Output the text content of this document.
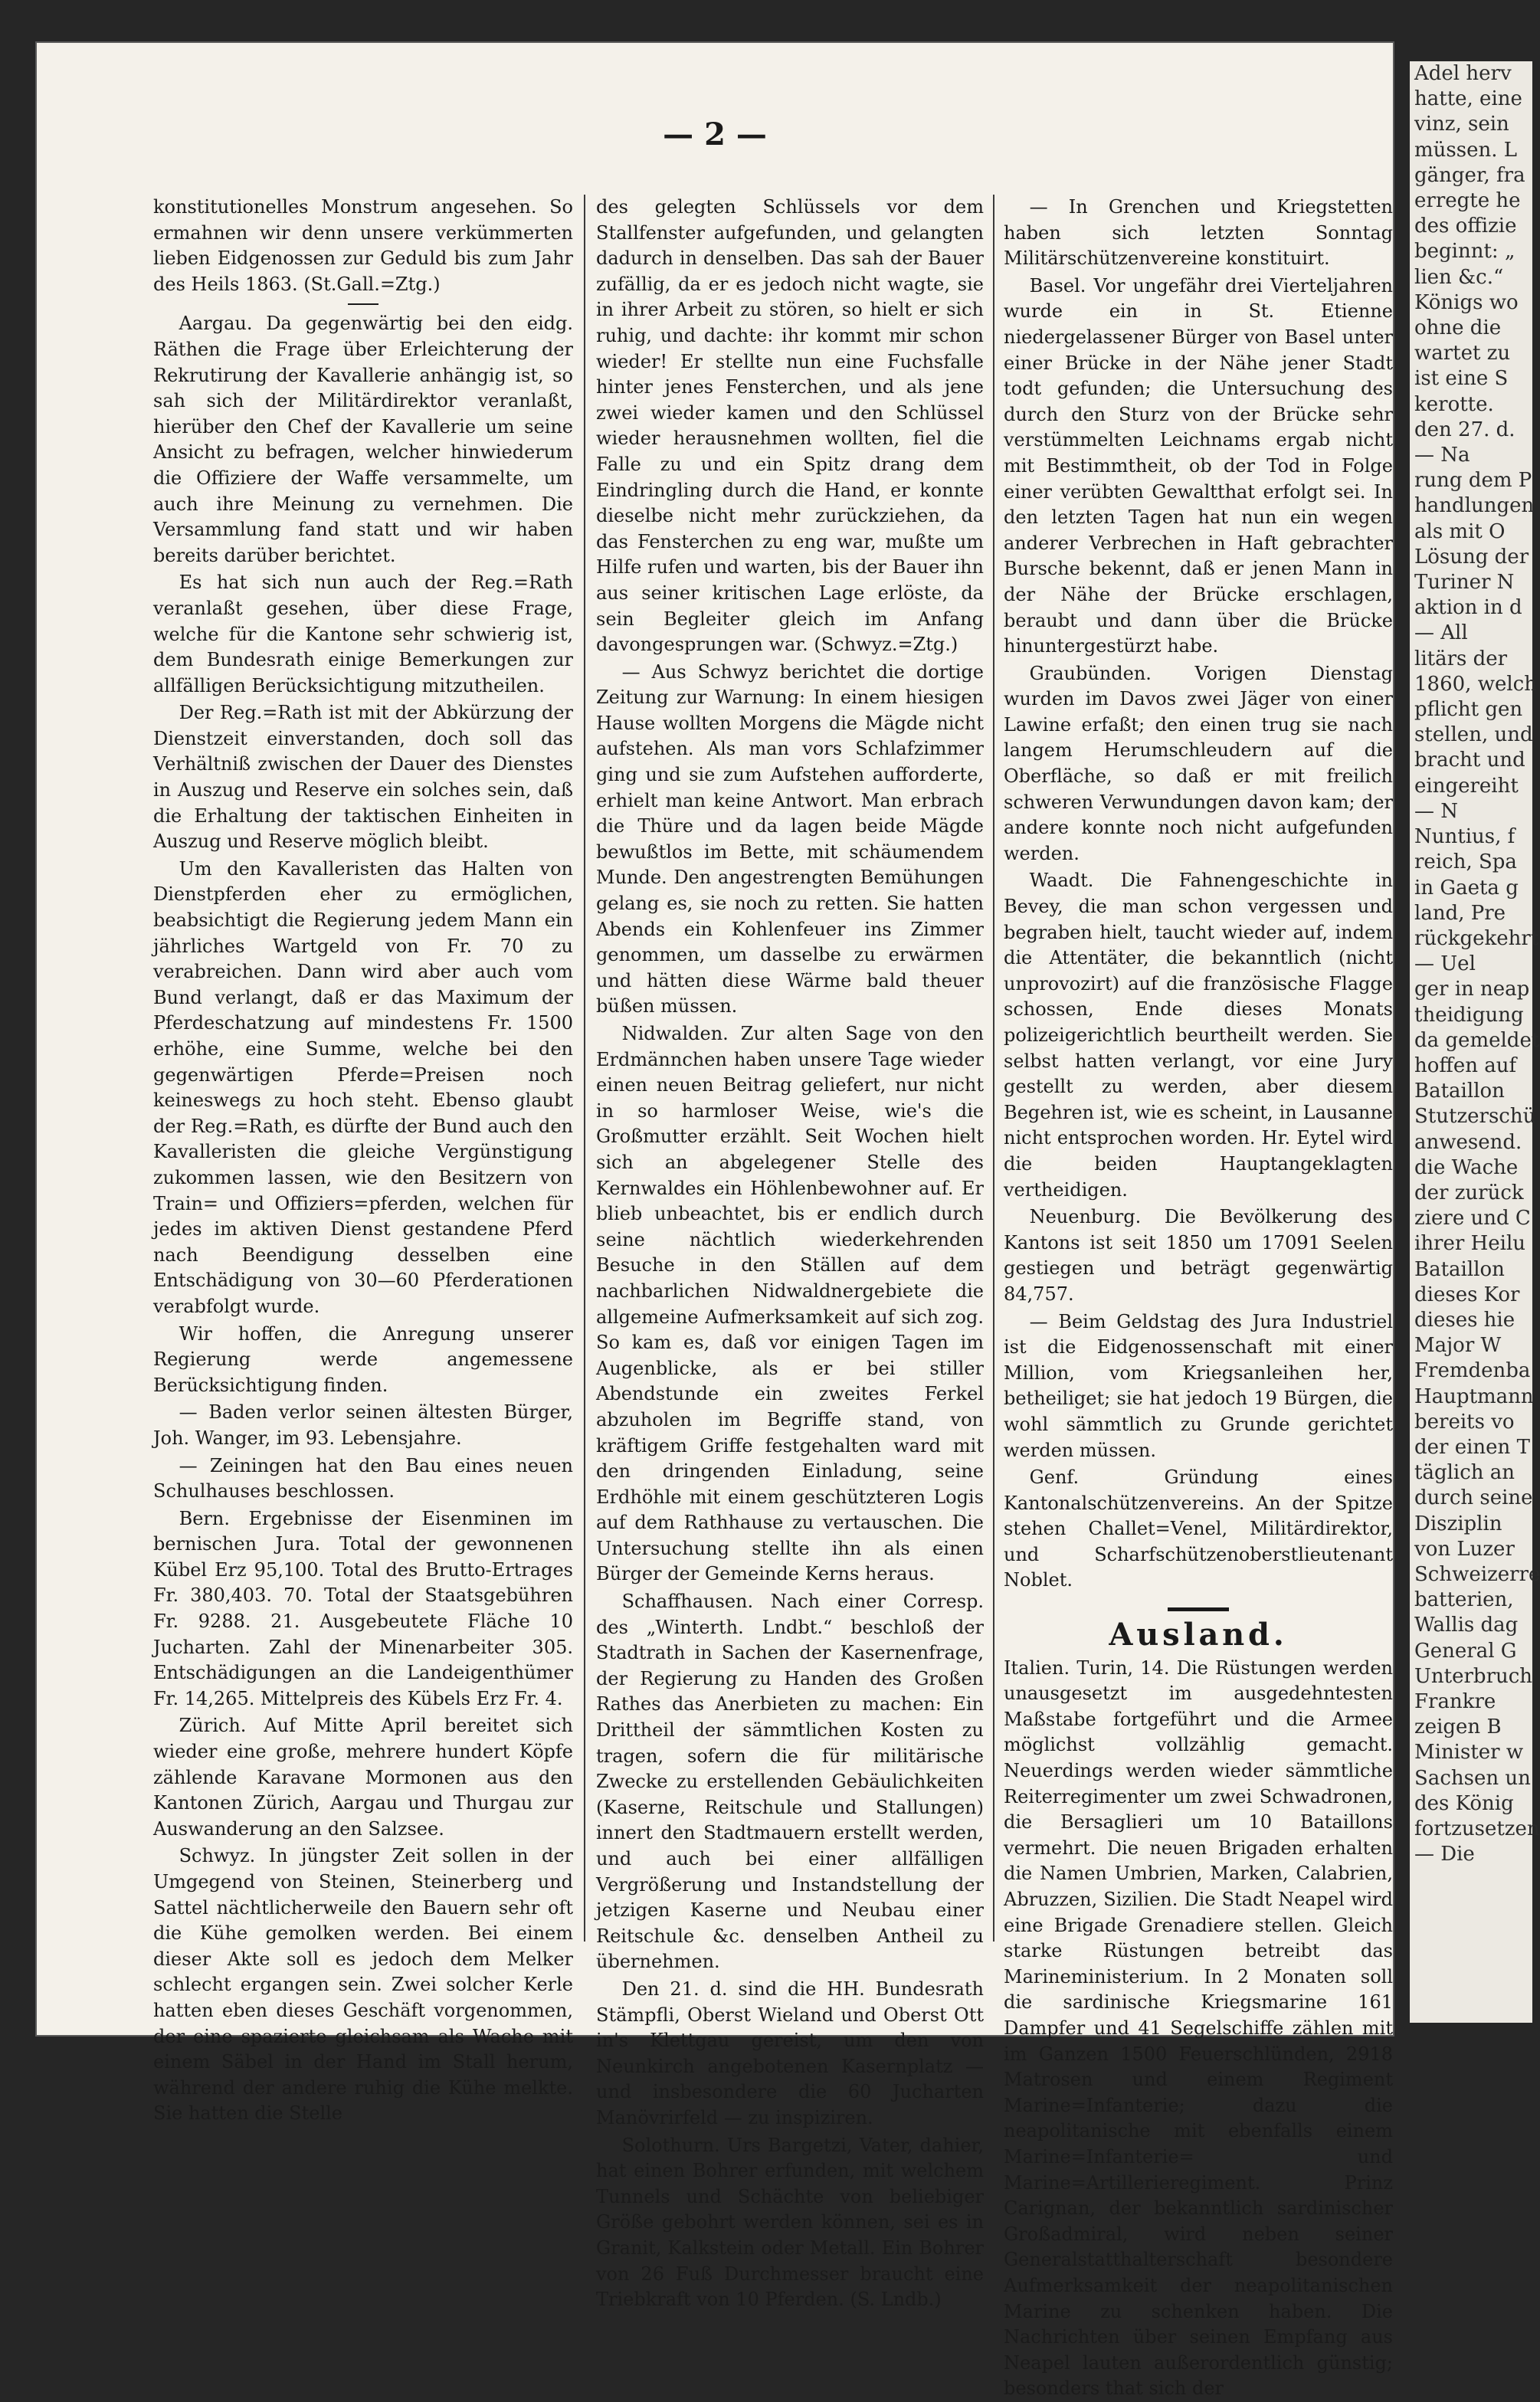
— 2 —

konstitutionelles Monstrum angesehen. So ermahnen wir denn unsere verkümmerten lieben Eidgenossen zur Geduld bis zum Jahr des Heils 1863. (St.Gall.=Ztg.)

Aargau. Da gegenwärtig bei den eidg. Räthen die Frage über Erleichterung der Rekrutirung der Kavallerie anhängig ist, so sah sich der Militärdirektor veranlaßt, hierüber den Chef der Kavallerie um seine Ansicht zu befragen, welcher hinwiederum die Offiziere der Waffe versammelte, um auch ihre Meinung zu vernehmen. Die Versammlung fand statt und wir haben bereits darüber berichtet.

Es hat sich nun auch der Reg.=Rath veranlaßt gesehen, über diese Frage, welche für die Kantone sehr schwierig ist, dem Bundesrath einige Bemerkungen zur allfälligen Berücksichtigung mitzutheilen.

Der Reg.=Rath ist mit der Abkürzung der Dienstzeit einverstanden, doch soll das Verhältniß zwischen der Dauer des Dienstes in Auszug und Reserve ein solches sein, daß die Erhaltung der taktischen Einheiten in Auszug und Reserve möglich bleibt.

Um den Kavalleristen das Halten von Dienstpferden eher zu ermöglichen, beabsichtigt die Regierung jedem Mann ein jährliches Wartgeld von Fr. 70 zu verabreichen. Dann wird aber auch vom Bund verlangt, daß er das Maximum der Pferdeschatzung auf mindestens Fr. 1500 erhöhe, eine Summe, welche bei den gegenwärtigen Pferde=Preisen noch keineswegs zu hoch steht. Ebenso glaubt der Reg.=Rath, es dürfte der Bund auch den Kavalleristen die gleiche Vergünstigung zukommen lassen, wie den Besitzern von Train= und Offiziers=pferden, welchen für jedes im aktiven Dienst gestandene Pferd nach Beendigung desselben eine Entschädigung von 30—60 Pferderationen verabfolgt wurde.

Wir hoffen, die Anregung unserer Regierung werde angemessene Berücksichtigung finden.

— Baden verlor seinen ältesten Bürger, Joh. Wanger, im 93. Lebensjahre.

— Zeiningen hat den Bau eines neuen Schulhauses beschlossen.

Bern. Ergebnisse der Eisenminen im bernischen Jura. Total der gewonnenen Kübel Erz 95,100. Total des Brutto-Ertrages Fr. 380,403. 70. Total der Staatsgebühren Fr. 9288. 21. Ausgebeutete Fläche 10 Jucharten. Zahl der Minenarbeiter 305. Entschädigungen an die Landeigenthümer Fr. 14,265. Mittelpreis des Kübels Erz Fr. 4.

Zürich. Auf Mitte April bereitet sich wieder eine große, mehrere hundert Köpfe zählende Karavane Mormonen aus den Kantonen Zürich, Aargau und Thurgau zur Auswanderung an den Salzsee.

Schwyz. In jüngster Zeit sollen in der Umgegend von Steinen, Steinerberg und Sattel nächtlicherweile den Bauern sehr oft die Kühe gemolken werden. Bei einem dieser Akte soll es jedoch dem Melker schlecht ergangen sein. Zwei solcher Kerle hatten eben dieses Geschäft vorgenommen, der eine spazierte gleichsam als Wache mit einem Säbel in der Hand im Stall herum, während der andere ruhig die Kühe melkte. Sie hatten die Stelle

des gelegten Schlüssels vor dem Stallfenster aufgefunden, und gelangten dadurch in denselben. Das sah der Bauer zufällig, da er es jedoch nicht wagte, sie in ihrer Arbeit zu stören, so hielt er sich ruhig, und dachte: ihr kommt mir schon wieder! Er stellte nun eine Fuchsfalle hinter jenes Fensterchen, und als jene zwei wieder kamen und den Schlüssel wieder herausnehmen wollten, fiel die Falle zu und ein Spitz drang dem Eindringling durch die Hand, er konnte dieselbe nicht mehr zurückziehen, da das Fensterchen zu eng war, mußte um Hilfe rufen und warten, bis der Bauer ihn aus seiner kritischen Lage erlöste, da sein Begleiter gleich im Anfang davongesprungen war. (Schwyz.=Ztg.)

— Aus Schwyz berichtet die dortige Zeitung zur Warnung: In einem hiesigen Hause wollten Morgens die Mägde nicht aufstehen. Als man vors Schlafzimmer ging und sie zum Aufstehen aufforderte, erhielt man keine Antwort. Man erbrach die Thüre und da lagen beide Mägde bewußtlos im Bette, mit schäumendem Munde. Den angestrengten Bemühungen gelang es, sie noch zu retten. Sie hatten Abends ein Kohlenfeuer ins Zimmer genommen, um dasselbe zu erwärmen und hätten diese Wärme bald theuer büßen müssen.

Nidwalden. Zur alten Sage von den Erdmännchen haben unsere Tage wieder einen neuen Beitrag geliefert, nur nicht in so harmloser Weise, wie's die Großmutter erzählt. Seit Wochen hielt sich an abgelegener Stelle des Kernwaldes ein Höhlenbewohner auf. Er blieb unbeachtet, bis er endlich durch seine nächtlich wiederkehrenden Besuche in den Ställen auf dem nachbarlichen Nidwaldnergebiete die allgemeine Aufmerksamkeit auf sich zog. So kam es, daß vor einigen Tagen im Augenblicke, als er bei stiller Abendstunde ein zweites Ferkel abzuholen im Begriffe stand, von kräftigem Griffe festgehalten ward mit den dringenden Einladung, seine Erdhöhle mit einem geschützteren Logis auf dem Rathhause zu vertauschen. Die Untersuchung stellte ihn als einen Bürger der Gemeinde Kerns heraus.

Schaffhausen. Nach einer Corresp. des „Winterth. Lndbt.“ beschloß der Stadtrath in Sachen der Kasernenfrage, der Regierung zu Handen des Großen Rathes das Anerbieten zu machen: Ein Drittheil der sämmtlichen Kosten zu tragen, sofern die für militärische Zwecke zu erstellenden Gebäulichkeiten (Kaserne, Reitschule und Stallungen) innert den Stadtmauern erstellt werden, und auch bei einer allfälligen Vergrößerung und Instandstellung der jetzigen Kaserne und Neubau einer Reitschule &c. denselben Antheil zu übernehmen.

Den 21. d. sind die HH. Bundesrath Stämpfli, Oberst Wieland und Oberst Ott in's Klettgau gereist, um den von Neunkirch angebotenen Kasernplatz — und insbesondere die 60 Jucharten Manövrirfeld — zu inspiziren.

Solothurn. Urs Bargetzi, Vater, dahier, hat einen Bohrer erfunden, mit welchem Tunnels und Schächte von beliebiger Größe gebohrt werden können, sei es in Granit, Kalkstein oder Metall. Ein Bohrer von 26 Fuß Durchmesser braucht eine Triebkraft von 10 Pferden. (S. Lndb.)

— In Grenchen und Kriegstetten haben sich letzten Sonntag Militärschützenvereine konstituirt.

Basel. Vor ungefähr drei Vierteljahren wurde ein in St. Etienne niedergelassener Bürger von Basel unter einer Brücke in der Nähe jener Stadt todt gefunden; die Untersuchung des durch den Sturz von der Brücke sehr verstümmelten Leichnams ergab nicht mit Bestimmtheit, ob der Tod in Folge einer verübten Gewaltthat erfolgt sei. In den letzten Tagen hat nun ein wegen anderer Verbrechen in Haft gebrachter Bursche bekennt, daß er jenen Mann in der Nähe der Brücke erschlagen, beraubt und dann über die Brücke hinuntergestürzt habe.

Graubünden. Vorigen Dienstag wurden im Davos zwei Jäger von einer Lawine erfaßt; den einen trug sie nach langem Herumschleudern auf die Oberfläche, so daß er mit freilich schweren Verwundungen davon kam; der andere konnte noch nicht aufgefunden werden.

Waadt. Die Fahnengeschichte in Bevey, die man schon vergessen und begraben hielt, taucht wieder auf, indem die Attentäter, die bekanntlich (nicht unprovozirt) auf die französische Flagge schossen, Ende dieses Monats polizeigerichtlich beurtheilt werden. Sie selbst hatten verlangt, vor eine Jury gestellt zu werden, aber diesem Begehren ist, wie es scheint, in Lausanne nicht entsprochen worden. Hr. Eytel wird die beiden Hauptangeklagten vertheidigen.

Neuenburg. Die Bevölkerung des Kantons ist seit 1850 um 17091 Seelen gestiegen und beträgt gegenwärtig 84,757.

— Beim Geldstag des Jura Industriel ist die Eidgenossenschaft mit einer Million, vom Kriegsanleihen her, betheiliget; sie hat jedoch 19 Bürgen, die wohl sämmtlich zu Grunde gerichtet werden müssen.

Genf. Gründung eines Kantonalschützenvereins. An der Spitze stehen Challet=Venel, Militärdirektor, und Scharfschützenoberstlieutenant Noblet.

Ausland.

Italien. Turin, 14. Die Rüstungen werden unausgesetzt im ausgedehntesten Maßstabe fortgeführt und die Armee möglichst vollzählig gemacht. Neuerdings werden wieder sämmtliche Reiterregimenter um zwei Schwadronen, die Bersaglieri um 10 Bataillons vermehrt. Die neuen Brigaden erhalten die Namen Umbrien, Marken, Calabrien, Abruzzen, Sizilien. Die Stadt Neapel wird eine Brigade Grenadiere stellen. Gleich starke Rüstungen betreibt das Marineministerium. In 2 Monaten soll die sardinische Kriegsmarine 161 Dampfer und 41 Segelschiffe zählen mit im Ganzen 1500 Feuerschlünden, 2918 Matrosen und einem Regiment Marine=Infanterie; dazu die neapolitanische mit ebenfalls einem Marine=Infanterie= und Marine=Artillerieregiment. Prinz Carignan, der bekanntlich sardinischer Großadmiral, wird neben seiner Generalstatthalterschaft besondere Aufmerksamkeit der neapolitanischen Marine zu schenken haben. Die Nachrichten über seinen Empfang aus Neapel lauten außerordentlich günstig; besonders that sich der

Adel herv
hatte, eine
vinz, sein
müssen. L
gänger, fra
erregte he
des offizie
beginnt: „
lien &c.“
Königs wo
ohne die
wartet zu
ist eine S
kerotte.
den 27. d.
— Na
rung dem P
handlungen
als mit O
Lösung der
Turiner N
aktion in d
— All
litärs der
1860, welch
pflicht gen
stellen, und
bracht und
eingereiht
— N
Nuntius, f
reich, Spa
in Gaeta g
land, Pre
rückgekehrt
— Uel
ger in neap
theidigung
da gemeldet
hoffen auf
Bataillon
Stutzerschü
anwesend.
die Wache
der zurück
ziere und C
ihrer Heilu
Bataillon
dieses Kor
dieses hie
Major W
Fremdenba
Hauptmann
bereits vo
der einen T
täglich an
durch seine
Disziplin
von Luzer
Schweizerre
batterien,
Wallis dag
General G
Unterbruch
Frankre
zeigen B
Minister w
Sachsen un
des König
fortzusetzen
— Die
